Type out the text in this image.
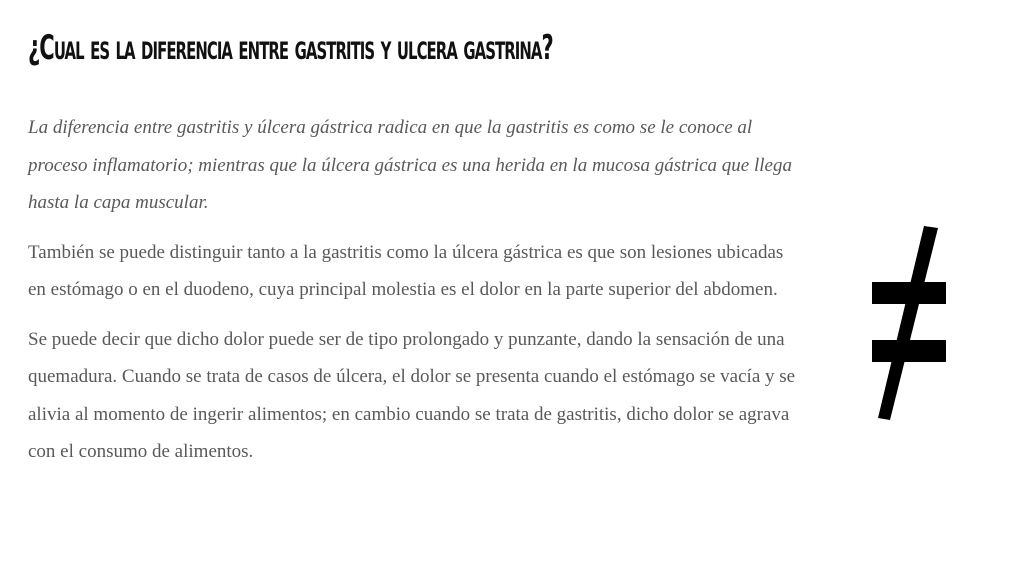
¿Cual es la diferencia entre gastritis y ulcera gastrina?

La diferencia entre gastritis y úlcera gástrica radica en que la gastritis es como se le conoce al proceso inflamatorio; mientras que la úlcera gástrica es una herida en la mucosa gástrica que llega hasta la capa muscular.

También se puede distinguir tanto a la gastritis como la úlcera gástrica es que son lesiones ubicadas en estómago o en el duodeno, cuya principal molestia es el dolor en la parte superior del abdomen.

Se puede decir que dicho dolor puede ser de tipo prolongado y punzante, dando la sensación de una quemadura. Cuando se trata de casos de úlcera, el dolor se presenta cuando el estómago se vacía y se alivia al momento de ingerir alimentos; en cambio cuando se trata de gastritis, dicho dolor se agrava con el consumo de alimentos.
